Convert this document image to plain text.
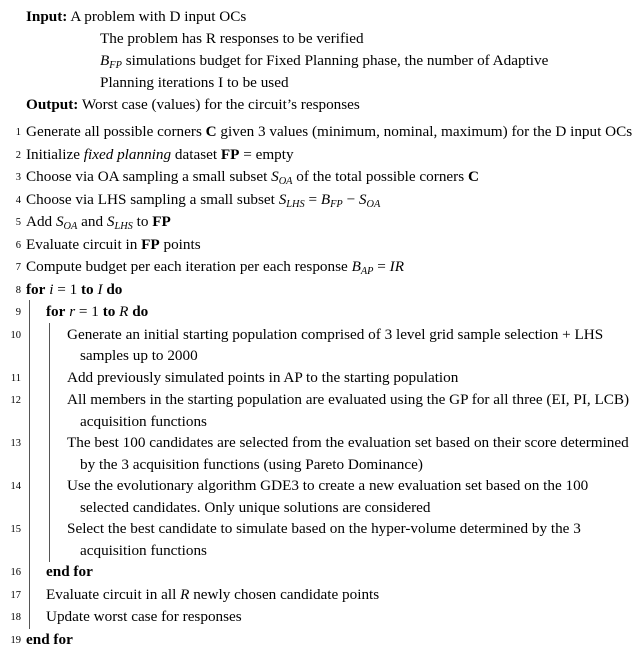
Input: A problem with D input OCs
The problem has R responses to be verified
$B_{FP}$ simulations budget for Fixed Planning phase, the number of Adaptive
Planning iterations I to be used
Output: Worst case (values) for the circuit’s responses
1 Generate all possible corners C given 3 values (minimum, nominal, maximum) for the D input OCs
2 Initialize fixed planning dataset FP = empty
3 Choose via OA sampling a small subset $S_{OA}$ of the total possible corners C
4 Choose via LHS sampling a small subset $S_{LHS} = B_{FP} - S_{OA}$
5 Add $S_{OA}$ and $S_{LHS}$ to FP
6 Evaluate circuit in FP points
7 Compute budget per each iteration per each response $B_{AP}$ = IR
8 for i = 1 to I do
9 for r = 1 to R do
10	Generate an initial starting population comprised of 3 level grid sample selection + LHS samples up to 2000
11	Add previously simulated points in AP to the starting population
12	All members in the starting population are evaluated using the GP for all three (EI, PI, LCB) acquisition functions
13	The best 100 candidates are selected from the evaluation set based on their score determined by the 3 acquisition functions (using Pareto Dominance)
14	Use the evolutionary algorithm GDE3 to create a new evaluation set based on the 100 selected candidates. Only unique solutions are considered
15	Select the best candidate to simulate based on the hyper-volume determined by the 3 acquisition functions
16 end for
17 Evaluate circuit in all R newly chosen candidate points
18 Update worst case for responses
19 end for
